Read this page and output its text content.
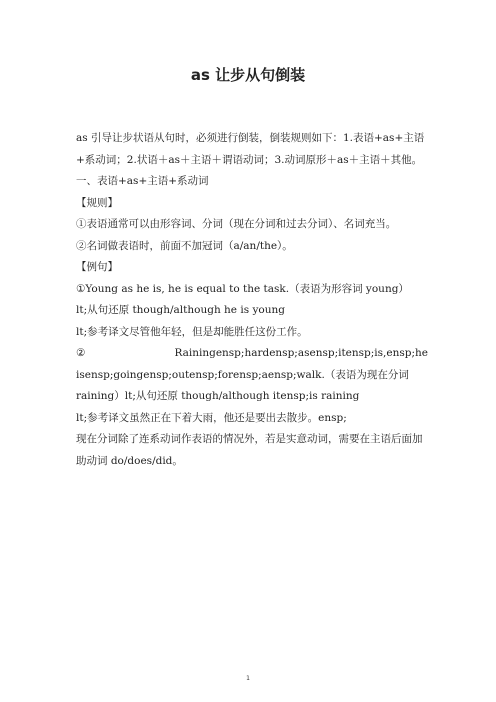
as 让步从句倒装

as 引导让步状语从句时，必须进行倒装，倒装规则如下：1.表语+as+主语+系动词；2.状语＋as＋主语＋谓语动词；3.动词原形＋as＋主语＋其他。

一、表语+as+主语+系动词

【规则】

①表语通常可以由形容词、分词（现在分词和过去分词）、名词充当。

②名词做表语时，前面不加冠词（a/an/the）。

【例句】

①Young as he is, he is equal to the task.（表语为形容词 young）

lt;从句还原 though/although he is young

lt;参考译文尽管他年轻，但是却能胜任这份工作。

②	Rainingensp;hardensp;asensp;itensp;is,ensp;he

isensp;goingensp;outensp;forensp;aensp;walk.（表语为现在分词 raining）lt;从句还原 though/although itensp;is raining

lt;参考译文虽然正在下着大雨，他还是要出去散步。ensp;

现在分词除了连系动词作表语的情况外，若是实意动词，需要在主语后面加助动词 do/does/did。

1
